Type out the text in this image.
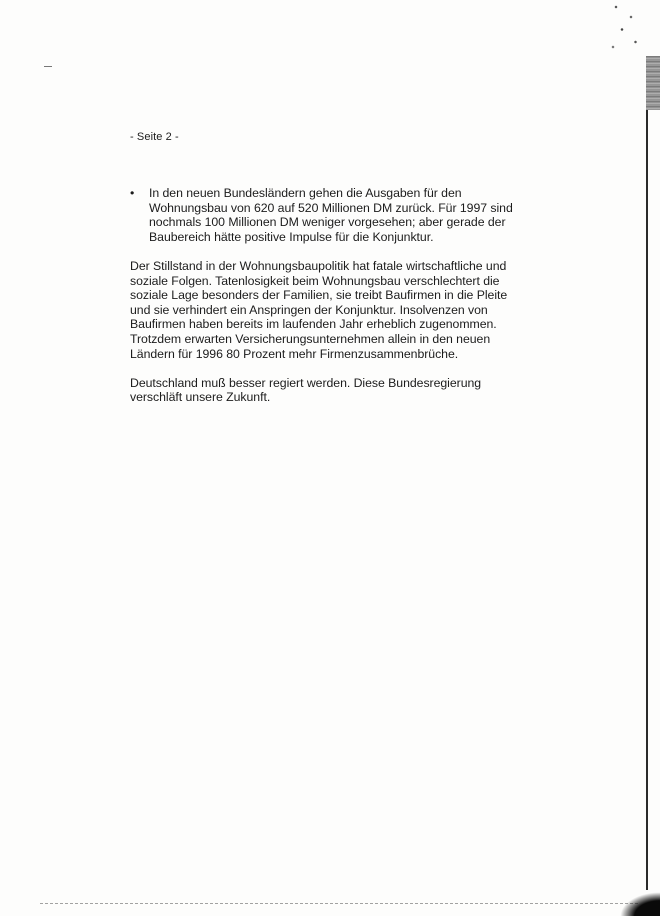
- Seite 2 -
• In den neuen Bundesländern gehen die Ausgaben für den
Wohnungsbau von 620 auf 520 Millionen DM zurück. Für 1997 sind
nochmals 100 Millionen DM weniger vorgesehen; aber gerade der
Baubereich hätte positive Impulse für die Konjunktur.
Der Stillstand in der Wohnungsbaupolitik hat fatale wirtschaftliche und
soziale Folgen. Tatenlosigkeit beim Wohnungsbau verschlechtert die
soziale Lage besonders der Familien, sie treibt Baufirmen in die Pleite
und sie verhindert ein Anspringen der Konjunktur. Insolvenzen von
Baufirmen haben bereits im laufenden Jahr erheblich zugenommen.
Trotzdem erwarten Versicherungsunternehmen allein in den neuen
Ländern für 1996 80 Prozent mehr Firmenzusammenbrüche.
Deutschland muß besser regiert werden. Diese Bundesregierung
verschläft unsere Zukunft.
